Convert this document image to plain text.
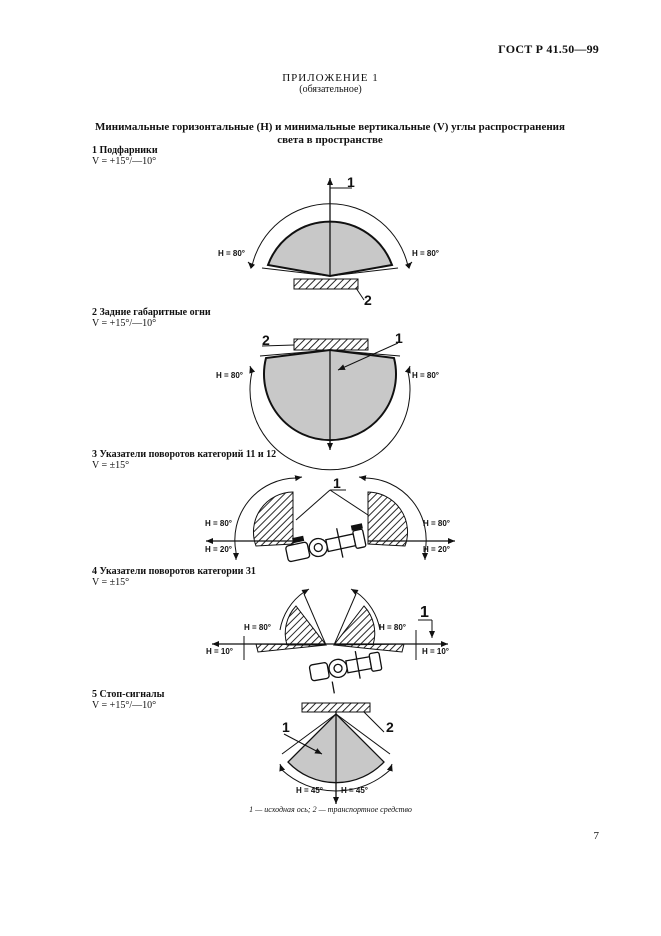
ГОСТ Р 41.50—99
ПРИЛОЖЕНИЕ 1
(обязательное)
Минимальные горизонтальные (H) и минимальные вертикальные (V) углы распространения
света в пространстве
1 Подфарники
V = +15°/—10°
2 Задние габаритные огни
V = +15°/—10°
3 Указатели поворотов категорий 11 и 12
V = ±15°
4 Указатели поворотов категории 31
V = ±15°
5 Стоп-сигналы
V = +15°/—10°
1
2
H = 80°	H = 80°
1
2
H = 80°	H = 80°
1
H = 80°
H = 20°
H = 80°
H = 20°
1
H = 80°
H = 10°
H = 80°
H = 10°
1	2
H = 45° H = 45°
1 — исходная ось; 2 — транспортное средство
7
